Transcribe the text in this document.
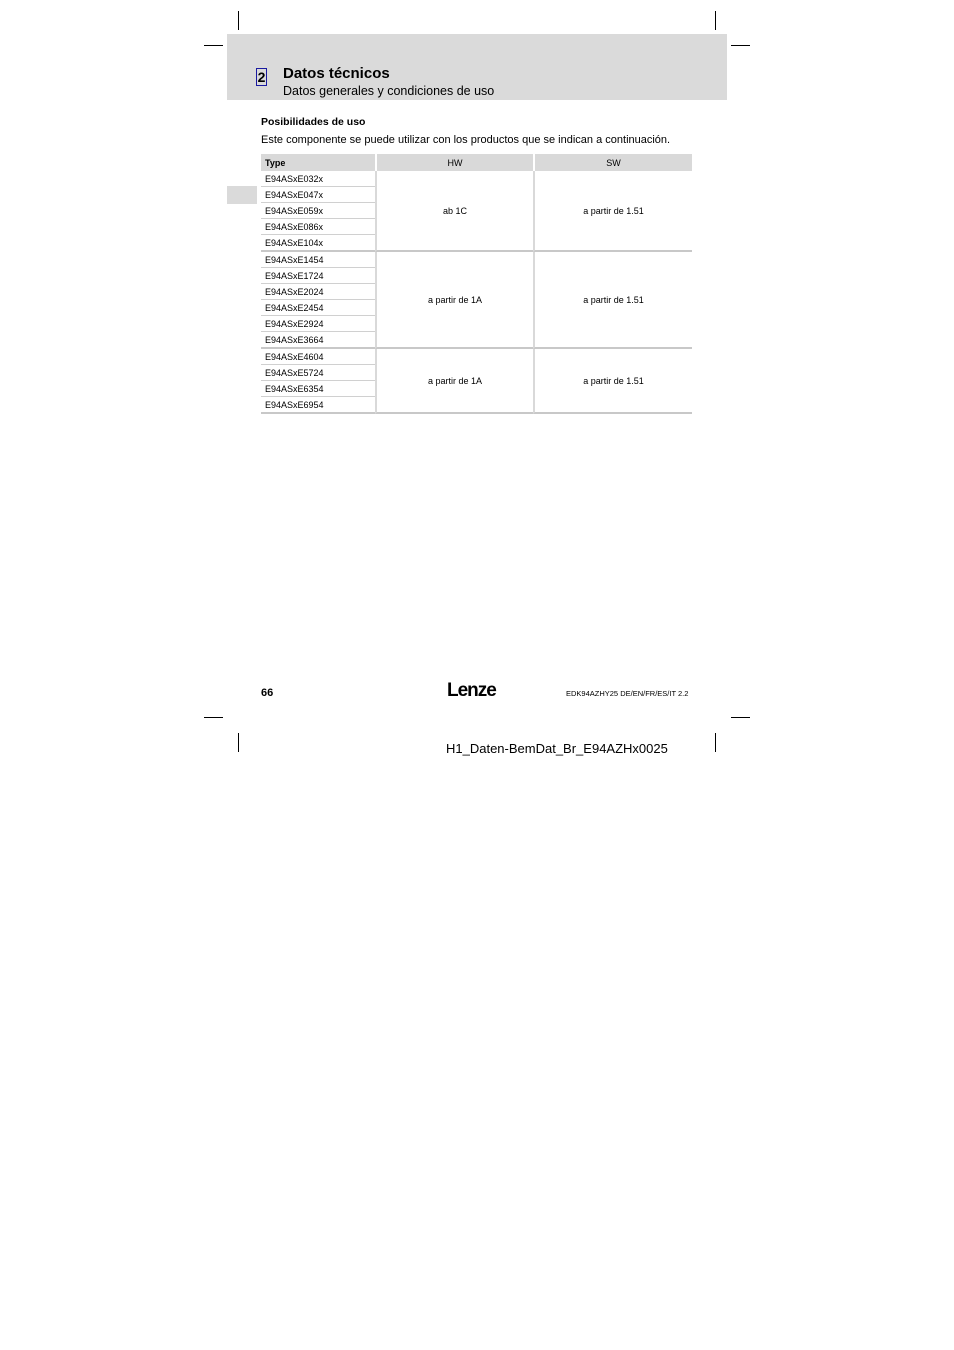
2 Datos técnicos
Datos generales y condiciones de uso
Posibilidades de uso
Este componente se puede utilizar con los productos que se indican a continuación.
Type	HW	SW
E94ASxE032x	ab 1C	a partir de 1.51
E94ASxE047x		
E94ASxE059x		
E94ASxE086x		
E94ASxE104x		
E94ASxE1454	a partir de 1A	a partir de 1.51
E94ASxE1724		
E94ASxE2024		
E94ASxE2454		
E94ASxE2924		
E94ASxE3664		
E94ASxE4604	a partir de 1A	a partir de 1.51
E94ASxE5724		
E94ASxE6354		
E94ASxE6954		
66	Lenze	EDK94AZHY25 DE/EN/FR/ES/IT 2.2
H1_Daten-BemDat_Br_E94AZHx0025
